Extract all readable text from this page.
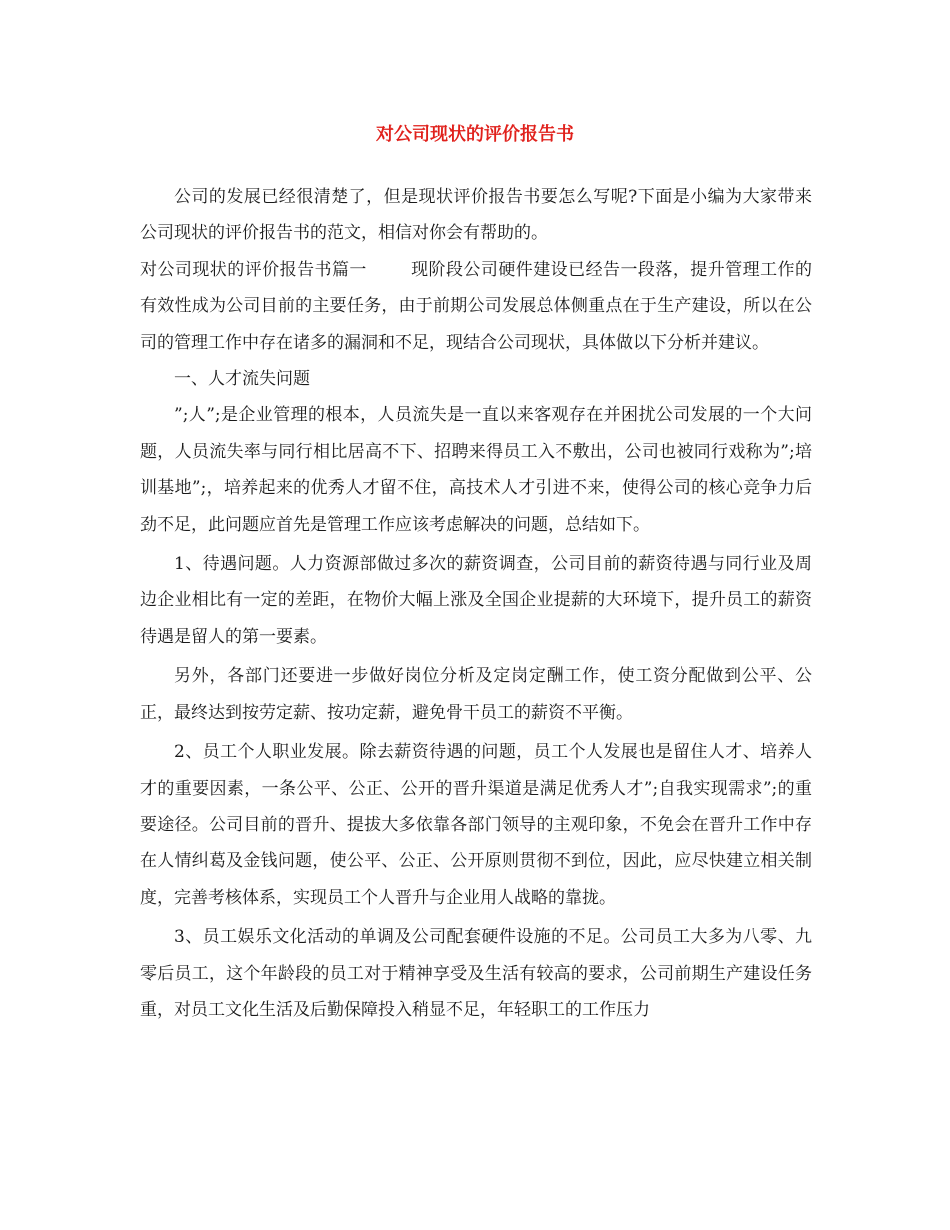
对公司现状的评价报告书

公司的发展已经很清楚了，但是现状评价报告书要怎么写呢?下面是小编为大家带来公司现状的评价报告书的范文，相信对你会有帮助的。

对公司现状的评价报告书篇一	现阶段公司硬件建设已经告一段落，提升管理工作的有效性成为公司目前的主要任务，由于前期公司发展总体侧重点在于生产建设，所以在公司的管理工作中存在诸多的漏洞和不足，现结合公司现状，具体做以下分析并建议。

一、人才流失问题

”;人”;是企业管理的根本，人员流失是一直以来客观存在并困扰公司发展的一个大问题，人员流失率与同行相比居高不下、招聘来得员工入不敷出，公司也被同行戏称为”;培训基地”;，培养起来的优秀人才留不住，高技术人才引进不来，使得公司的核心竞争力后劲不足，此问题应首先是管理工作应该考虑解决的问题，总结如下。

1、待遇问题。人力资源部做过多次的薪资调查，公司目前的薪资待遇与同行业及周边企业相比有一定的差距，在物价大幅上涨及全国企业提薪的大环境下，提升员工的薪资待遇是留人的第一要素。

另外，各部门还要进一步做好岗位分析及定岗定酬工作，使工资分配做到公平、公正，最终达到按劳定薪、按功定薪，避免骨干员工的薪资不平衡。

2、员工个人职业发展。除去薪资待遇的问题，员工个人发展也是留住人才、培养人才的重要因素，一条公平、公正、公开的晋升渠道是满足优秀人才”;自我实现需求”;的重要途径。公司目前的晋升、提拔大多依靠各部门领导的主观印象，不免会在晋升工作中存在人情纠葛及金钱问题，使公平、公正、公开原则贯彻不到位，因此，应尽快建立相关制度，完善考核体系，实现员工个人晋升与企业用人战略的靠拢。

3、员工娱乐文化活动的单调及公司配套硬件设施的不足。公司员工大多为八零、九零后员工，这个年龄段的员工对于精神享受及生活有较高的要求，公司前期生产建设任务重，对员工文化生活及后勤保障投入稍显不足，年轻职工的工作压力
